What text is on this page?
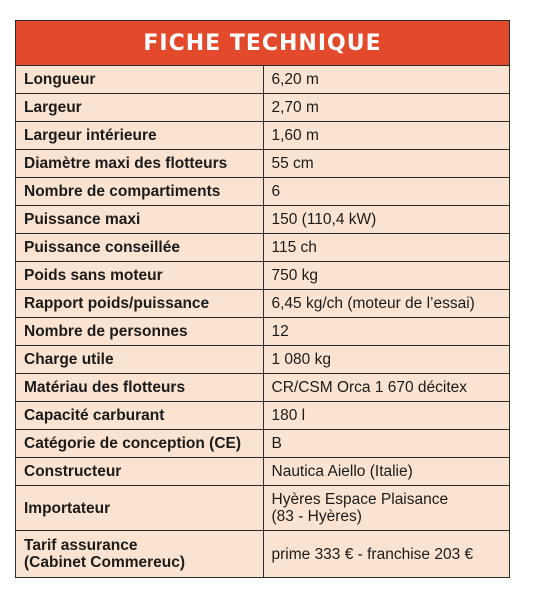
FICHE TECHNIQUE
Longueur	6,20 m

Largeur	2,70 m

Largeur intérieure	1,60 m

Diamètre maxi des flotteurs	55 cm

Nombre de compartiments	6

Puissance maxi	150 (110,4 kW)

Puissance conseillée	115 ch

Poids sans moteur	750 kg

Rapport poids/puissance	6,45 kg/ch (moteur de l’essai)

Nombre de personnes	12

Charge utile	1 080 kg

Matériau des flotteurs	CR/CSM Orca 1 670 décitex

Capacité carburant	180 l

Catégorie de conception (CE)	B

Constructeur	Nautica Aiello (Italie)

Importateur	Hyères Espace Plaisance
(83 - Hyères)

Tarif assurance
(Cabinet Commereuc)	prime 333 € - franchise 203 €
